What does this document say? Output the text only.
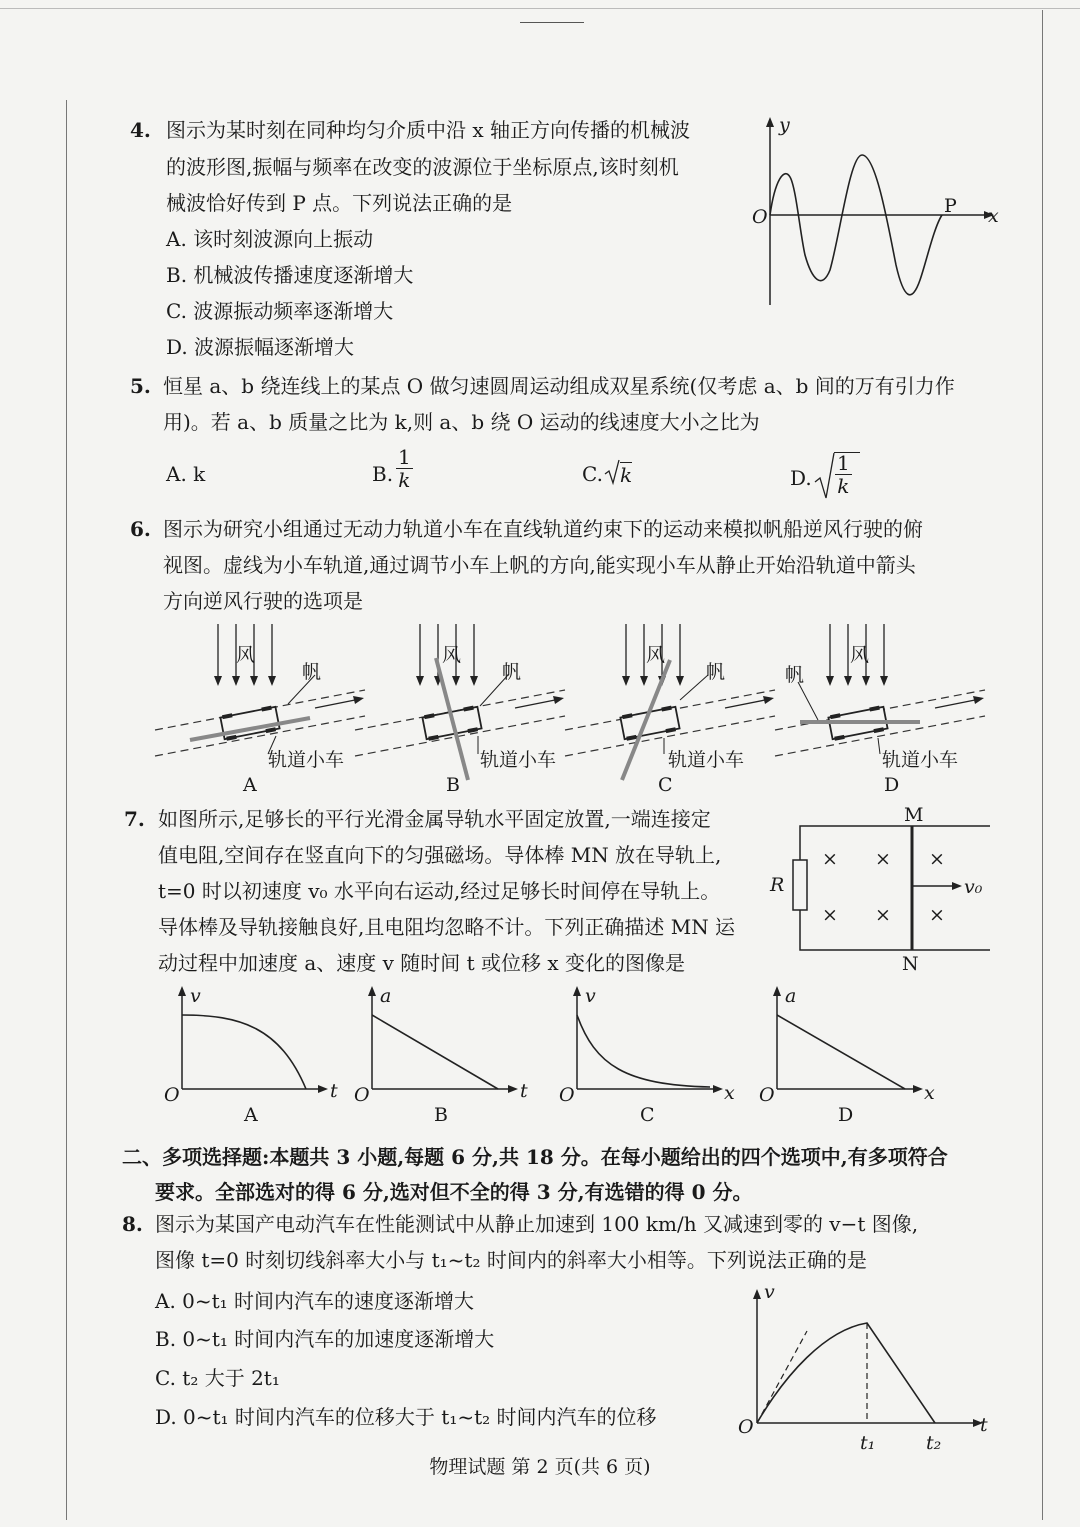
4. 图示为某时刻在同种均匀介质中沿 x 轴正方向传播的机械波
的波形图,振幅与频率在改变的波源位于坐标原点,该时刻机
械波恰好传到 P 点。下列说法正确的是
A. 该时刻波源向上振动
B. 机械波传播速度逐渐增大
C. 波源振动频率逐渐增大
D. 波源振幅逐渐增大
y
x
O	P
5. 恒星 a、b 绕连线上的某点 O 做匀速圆周运动组成双星系统(仅考虑 a、b 间的万有引力作
用)。若 a、b 质量之比为 k,则 a、b 绕 O 运动的线速度大小之比为
A. k	B. $\frac{1}{k}$	C. k	D. $\frac{1}{k}$
6. 图示为研究小组通过无动力轨道小车在直线轨道约束下的运动来模拟帆船逆风行驶的俯
视图。虚线为小车轨道,通过调节小车上帆的方向,能实现小车从静止开始沿轨道中箭头
方向逆风行驶的选项是
风
帆
轨道小车
A
风
帆
轨道小车
B
风
帆
轨道小车
C
风
帆
轨道小车
D
7. 如图所示,足够长的平行光滑金属导轨水平固定放置,一端连接定
值电阻,空间存在竖直向下的匀强磁场。导体棒 MN 放在导轨上,
t=0 时以初速度 v₀ 水平向右运动,经过足够长时间停在导轨上。
导体棒及导轨接触良好,且电阻均忽略不计。下列正确描述 MN 运
动过程中加速度 a、速度 v 随时间 t 或位移 x 变化的图像是
× × ×
× × ×
M
N
R	v₀
v
t
O
A
a
t
O
B
v
x
O
C
a
x
O
D
二、多项选择题:本题共 3 小题,每题 6 分,共 18 分。在每小题给出的四个选项中,有多项符合
要求。全部选对的得 6 分,选对但不全的得 3 分,有选错的得 0 分。
8. 图示为某国产电动汽车在性能测试中从静止加速到 100 km/h 又减速到零的 v−t 图像,
图像 t=0 时刻切线斜率大小与 t₁~t₂ 时间内的斜率大小相等。下列说法正确的是
A. 0~t₁ 时间内汽车的速度逐渐增大
B. 0~t₁ 时间内汽车的加速度逐渐增大
C. t₂ 大于 2t₁
D. 0~t₁ 时间内汽车的位移大于 t₁~t₂ 时间内汽车的位移
v
t
O
t₁	t₂
物理试题 第 2 页(共 6 页)
